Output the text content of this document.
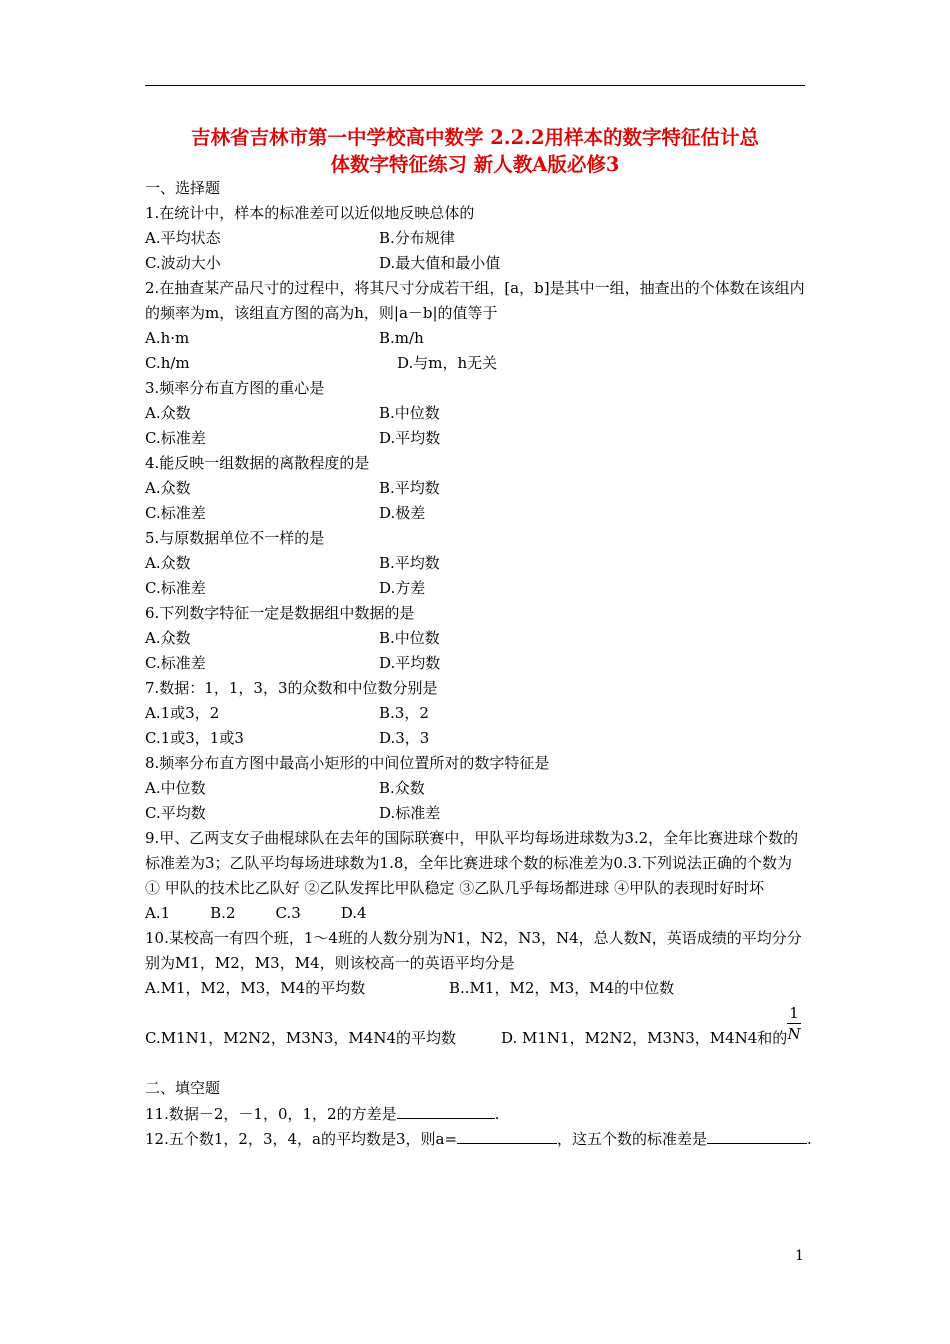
吉林省吉林市第一中学校高中数学 2.2.2用样本的数字特征估计总
体数字特征练习 新人教A版必修3
一、选择题
1.在统计中，样本的标准差可以近似地反映总体的
A.平均状态	B.分布规律
C.波动大小	D.最大值和最小值
2.在抽查某产品尺寸的过程中，将其尺寸分成若干组，[a，b]是其中一组，抽查出的个体数在该组内的频率为m，该组直方图的高为h，则|a－b|的值等于
A.h·m	B.m/h
C.h/m	D.与m，h无关
3.频率分布直方图的重心是
A.众数	B.中位数
C.标准差	D.平均数
4.能反映一组数据的离散程度的是
A.众数	B.平均数
C.标准差	D.极差
5.与原数据单位不一样的是
A.众数	B.平均数
C.标准差	D.方差
6.下列数字特征一定是数据组中数据的是
A.众数	B.中位数
C.标准差	D.平均数
7.数据：1，1，3，3的众数和中位数分别是
A.1或3，2	B.3，2
C.1或3，1或3	D.3，3
8.频率分布直方图中最高小矩形的中间位置所对的数字特征是
A.中位数	B.众数
C.平均数	D.标准差
9.甲、乙两支女子曲棍球队在去年的国际联赛中，甲队平均每场进球数为3.2，全年比赛进球个数的标准差为3；乙队平均每场进球数为1.8，全年比赛进球个数的标准差为0.3.下列说法正确的个数为
① 甲队的技术比乙队好 ②乙队发挥比甲队稳定 ③乙队几乎每场都进球 ④甲队的表现时好时坏
A.1	B.2	C.3	D.4
10.某校高一有四个班，1～4班的人数分别为N1，N2，N3，N4，总人数N，英语成绩的平均分分别为M1，M2，M3，M4，则该校高一的英语平均分是
A.M1，M2，M3，M4的平均数	B..M1，M2，M3，M4的中位数
C.M1N1，M2N2，M3N3，M4N4的平均数	D. M1N1，M2N2，M3N3，M4N4和的
1
N
二、填空题
11.数据－2，－1，0，1，2的方差是	.
12.五个数1，2，3，4，a的平均数是3，则a=	，这五个数的标准差是	.
1
